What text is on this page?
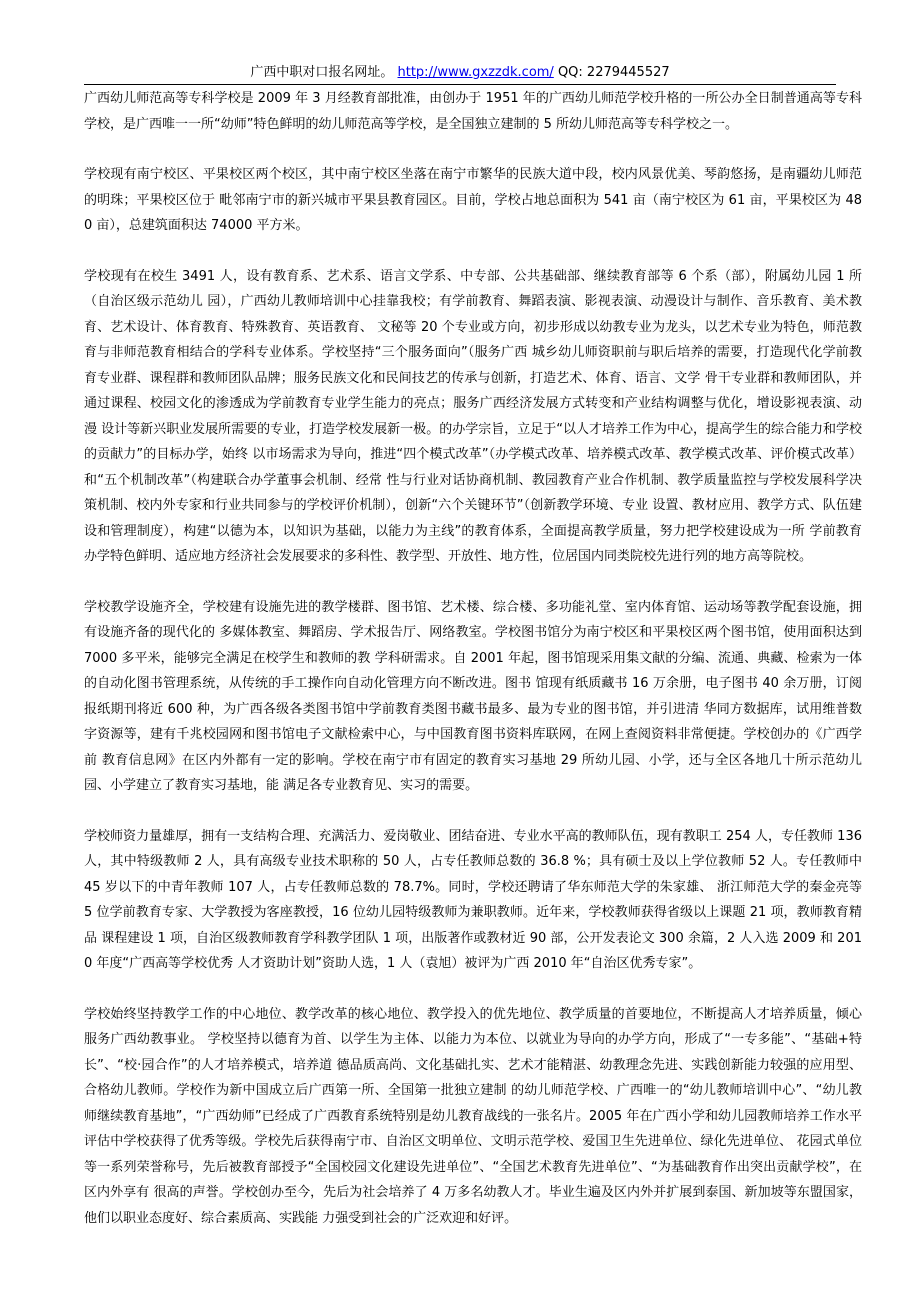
广西中职对口报名网址。 http://www.gxzzdk.com/ QQ: 2279445527

广西幼儿师范高等专科学校是 2009 年 3 月经教育部批准，由创办于 1951 年的广西幼儿师范学校升格的一所公办全日制普通高等专科学校，是广西唯一一所“幼师”特色鲜明的幼儿师范高等学校，是全国独立建制的 5 所幼儿师范高等专科学校之一。

学校现有南宁校区、平果校区两个校区，其中南宁校区坐落在南宁市繁华的民族大道中段，校内风景优美、琴韵悠扬，是南疆幼儿师范的明珠；平果校区位于 毗邻南宁市的新兴城市平果县教育园区。目前，学校占地总面积为 541 亩（南宁校区为 61 亩，平果校区为 480 亩），总建筑面积达 74000 平方米。

学校现有在校生 3491 人，设有教育系、艺术系、语言文学系、中专部、公共基础部、继续教育部等 6 个系（部），附属幼儿园 1 所（自治区级示范幼儿 园），广西幼儿教师培训中心挂靠我校；有学前教育、舞蹈表演、影视表演、动漫设计与制作、音乐教育、美术教育、艺术设计、体育教育、特殊教育、英语教育、 文秘等 20 个专业或方向，初步形成以幼教专业为龙头，以艺术专业为特色，师范教育与非师范教育相结合的学科专业体系。学校坚持“三个服务面向”（服务广西 城乡幼儿师资职前与职后培养的需要，打造现代化学前教育专业群、课程群和教师团队品牌；服务民族文化和民间技艺的传承与创新，打造艺术、体育、语言、文学 骨干专业群和教师团队，并通过课程、校园文化的渗透成为学前教育专业学生能力的亮点；服务广西经济发展方式转变和产业结构调整与优化，增设影视表演、动漫 设计等新兴职业发展所需要的专业，打造学校发展新一极。的办学宗旨，立足于“以人才培养工作为中心，提高学生的综合能力和学校的贡献力”的目标办学，始终 以市场需求为导向，推进“四个模式改革”（办学模式改革、培养模式改革、教学模式改革、评价模式改革）和“五个机制改革”（构建联合办学董事会机制、经常 性与行业对话协商机制、教园教育产业合作机制、教学质量监控与学校发展科学决策机制、校内外专家和行业共同参与的学校评价机制），创新“六个关键环节”（创新教学环境、专业 设置、教材应用、教学方式、队伍建设和管理制度），构建“以德为本，以知识为基础，以能力为主线”的教育体系，全面提高教学质量，努力把学校建设成为一所 学前教育办学特色鲜明、适应地方经济社会发展要求的多科性、教学型、开放性、地方性，位居国内同类院校先进行列的地方高等院校。

学校教学设施齐全，学校建有设施先进的教学楼群、图书馆、艺术楼、综合楼、多功能礼堂、室内体育馆、运动场等教学配套设施，拥有设施齐备的现代化的 多媒体教室、舞蹈房、学术报告厅、网络教室。学校图书馆分为南宁校区和平果校区两个图书馆，使用面积达到 7000 多平米，能够完全满足在校学生和教师的教 学科研需求。自 2001 年起，图书馆现采用集文献的分编、流通、典藏、检索为一体的自动化图书管理系统，从传统的手工操作向自动化管理方向不断改进。图书 馆现有纸质藏书 16 万余册，电子图书 40 余万册，订阅报纸期刊将近 600 种，为广西各级各类图书馆中学前教育类图书藏书最多、最为专业的图书馆，并引进清 华同方数据库，试用维普数字资源等，建有千兆校园网和图书馆电子文献检索中心，与中国教育图书资料库联网，在网上查阅资料非常便捷。学校创办的《广西学前 教育信息网》在区内外都有一定的影响。学校在南宁市有固定的教育实习基地 29 所幼儿园、小学，还与全区各地几十所示范幼儿园、小学建立了教育实习基地，能 满足各专业教育见、实习的需要。

学校师资力量雄厚，拥有一支结构合理、充满活力、爱岗敬业、团结奋进、专业水平高的教师队伍，现有教职工 254 人，专任教师 136 人，其中特级教师 2 人，具有高级专业技术职称的 50 人，占专任教师总数的 36.8 %；具有硕士及以上学位教师 52 人。专任教师中 45 岁以下的中青年教师 107 人，占专任教师总数的 78.7%。同时，学校还聘请了华东师范大学的朱家雄、 浙江师范大学的秦金亮等 5 位学前教育专家、大学教授为客座教授，16 位幼儿园特级教师为兼职教师。近年来，学校教师获得省级以上课题 21 项，教师教育精品 课程建设 1 项，自治区级教师教育学科教学团队 1 项，出版著作或教材近 90 部，公开发表论文 300 余篇，2 人入选 2009 和 2010 年度“广西高等学校优秀 人才资助计划”资助人选，1 人（袁旭）被评为广西 2010 年“自治区优秀专家”。

学校始终坚持教学工作的中心地位、教学改革的核心地位、教学投入的优先地位、教学质量的首要地位，不断提高人才培养质量，倾心服务广西幼教事业。 学校坚持以德育为首、以学生为主体、以能力为本位、以就业为导向的办学方向，形成了“一专多能”、“基础+特长”、“校·园合作”的人才培养模式，培养道 德品质高尚、文化基础扎实、艺术才能精湛、幼教理念先进、实践创新能力较强的应用型、合格幼儿教师。学校作为新中国成立后广西第一所、全国第一批独立建制 的幼儿师范学校、广西唯一的“幼儿教师培训中心”、“幼儿教师继续教育基地”，“广西幼师”已经成了广西教育系统特别是幼儿教育战线的一张名片。2005 年在广西小学和幼儿园教师培养工作水平评估中学校获得了优秀等级。学校先后获得南宁市、自治区文明单位、文明示范学校、爱国卫生先进单位、绿化先进单位、 花园式单位等一系列荣誉称号，先后被教育部授予“全国校园文化建设先进单位”、“全国艺术教育先进单位”、“为基础教育作出突出贡献学校”，在区内外享有 很高的声誉。学校创办至今，先后为社会培养了 4 万多名幼教人才。毕业生遍及区内外并扩展到泰国、新加坡等东盟国家，他们以职业态度好、综合素质高、实践能 力强受到社会的广泛欢迎和好评。
